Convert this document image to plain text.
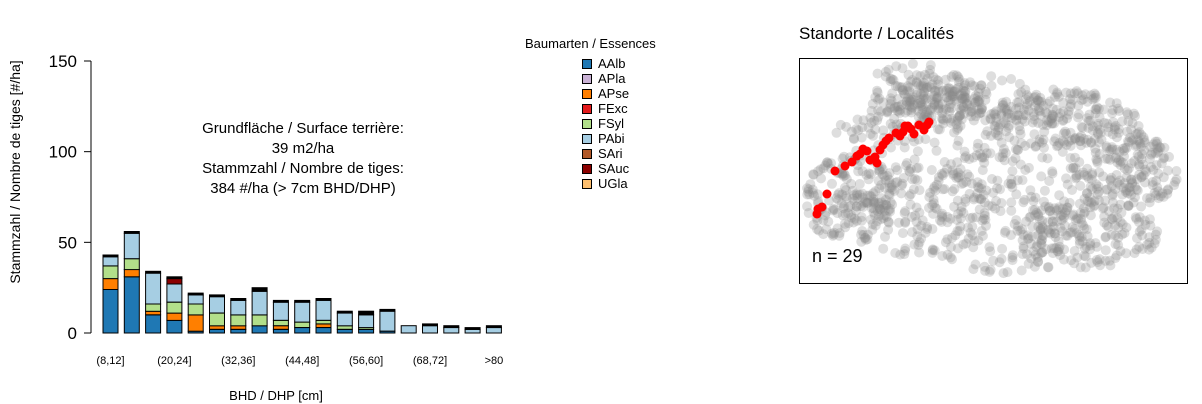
0
50
100
150
(8,12]	(20,24]	(32,36]	(44,48]	(56,60]	(68,72]	>80
Stammzahl / Nombre de tiges [#/ha]
BHD / DHP [cm]
Grundfläche / Surface terrière:
39 m2/ha
Stammzahl / Nombre de tiges:
384 #/ha (> 7cm BHD/DHP)
Baumarten / Essences
AAlb
APla
APse
FExc
FSyl
PAbi
SAri
SAuc
UGla
Standorte / Localités
n = 29
